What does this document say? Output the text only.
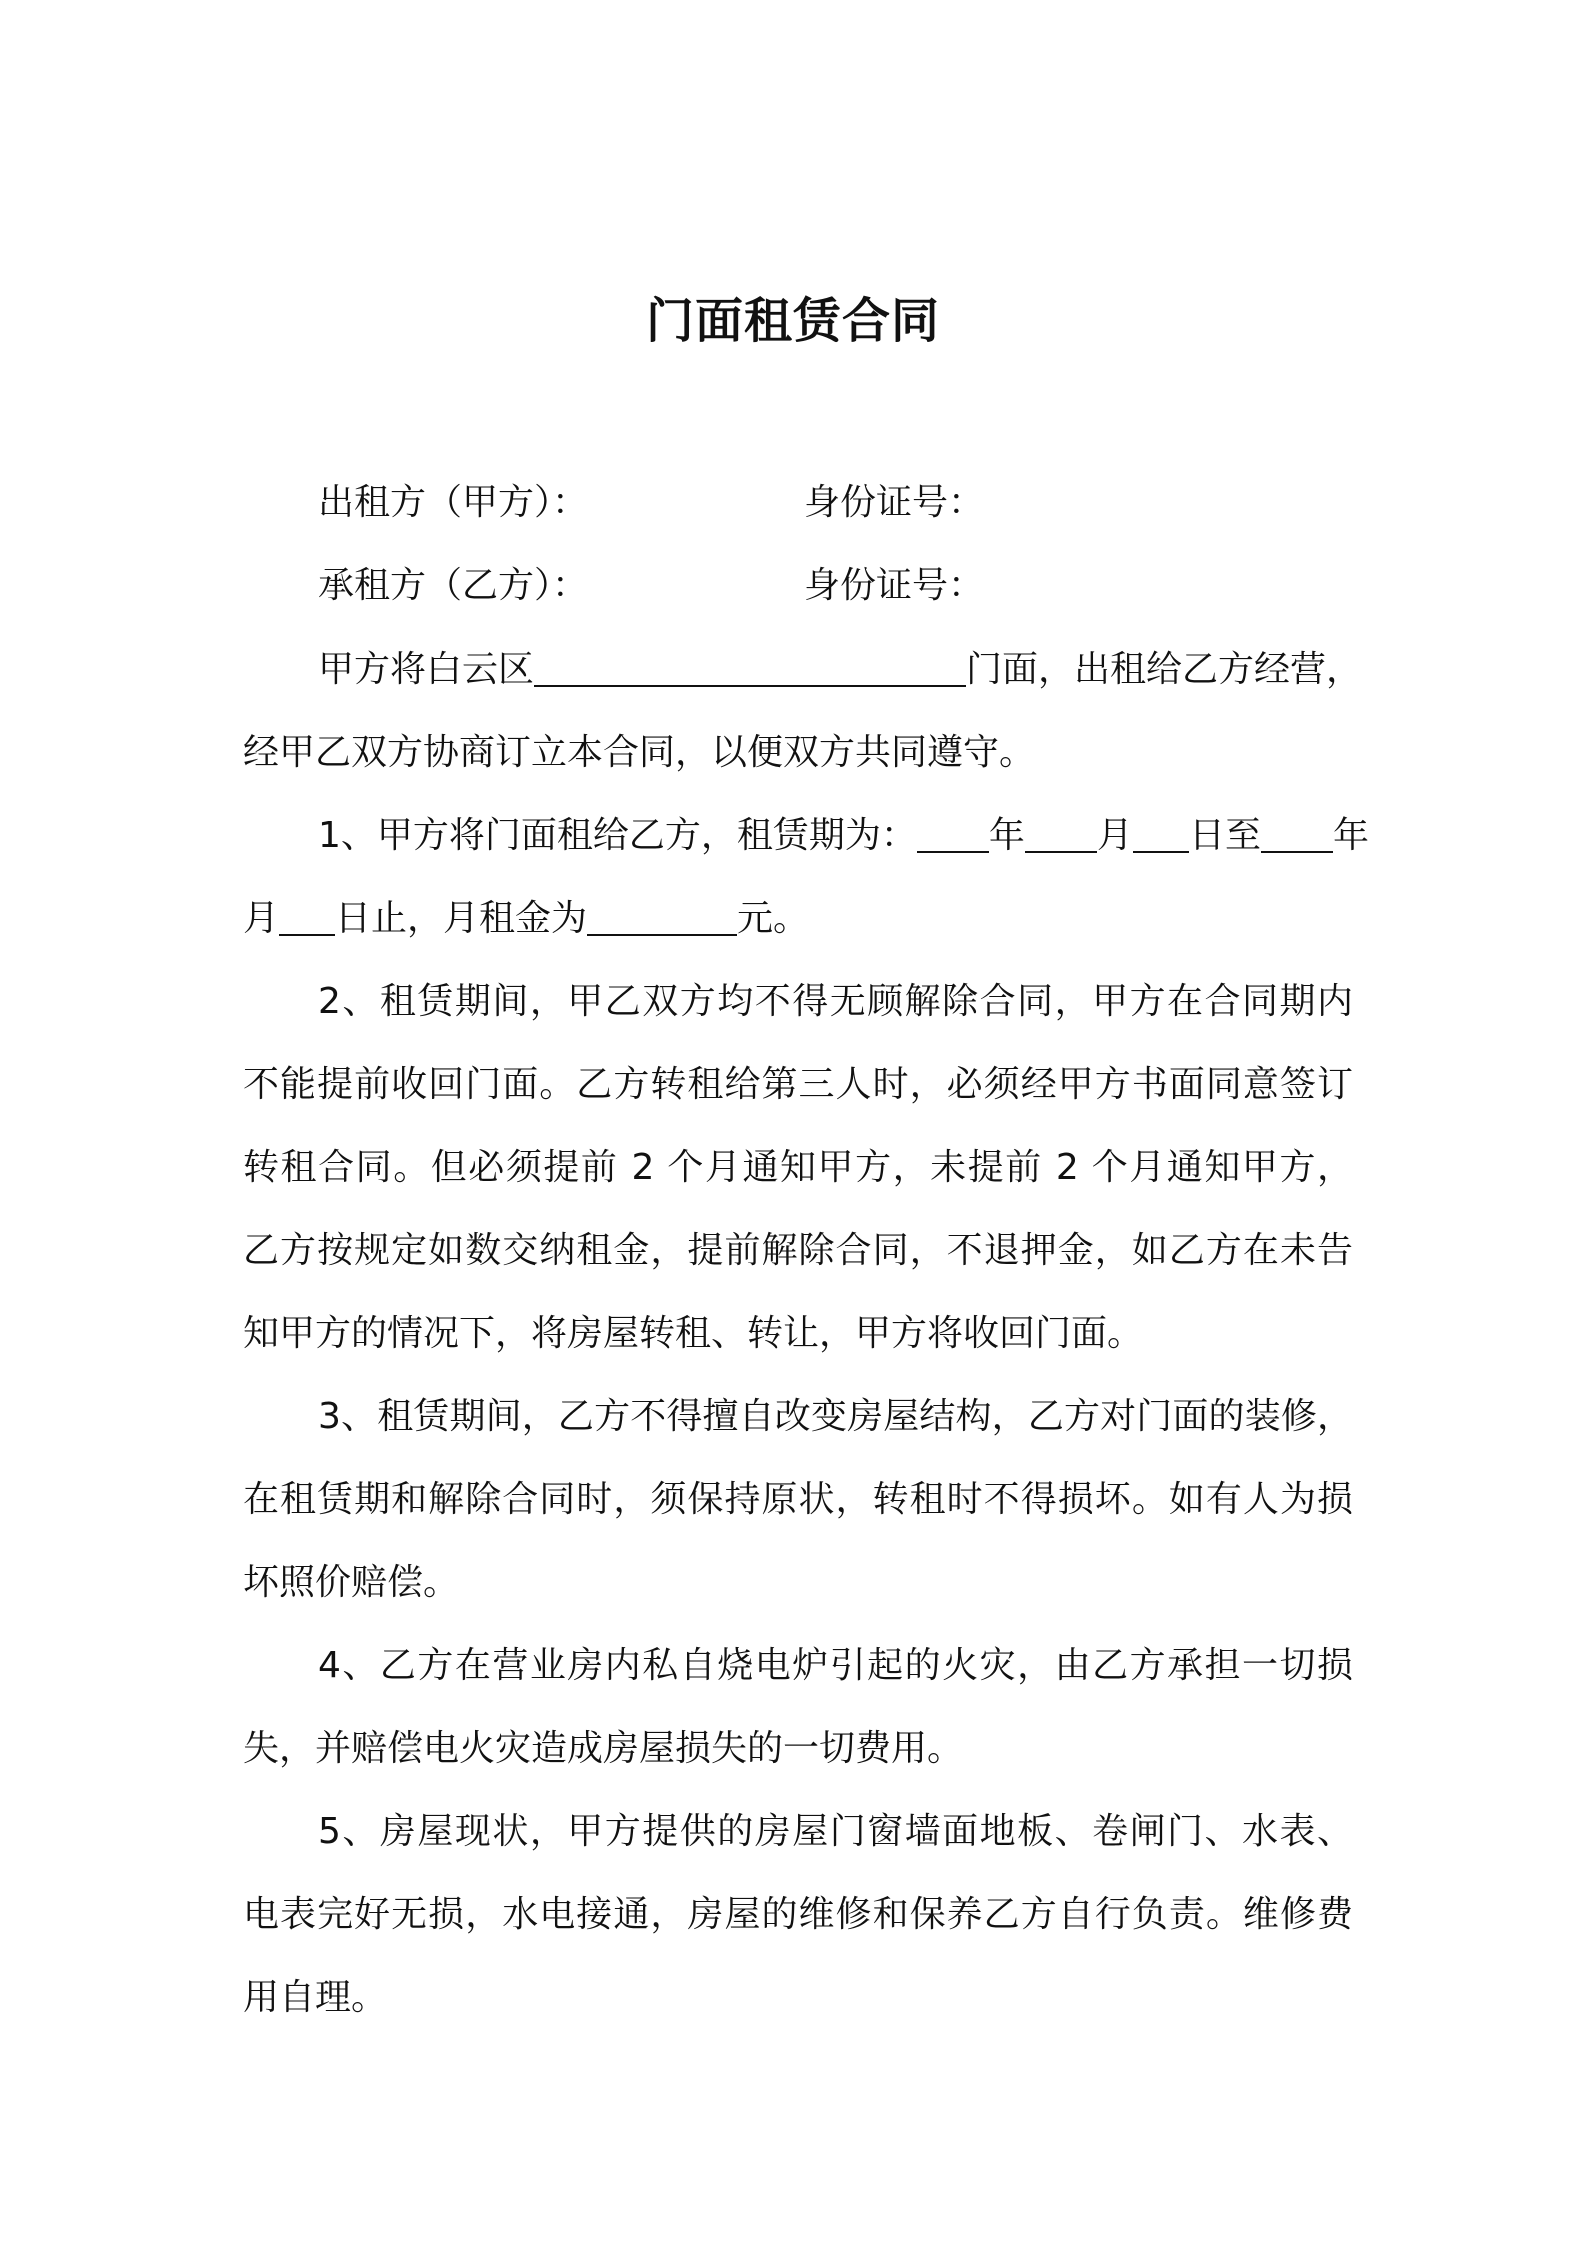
门面租赁合同
出租方（甲方）：	身份证号：
承租方（乙方）：	身份证号：
甲方将白云区	门面，出租给乙方经营，
经甲乙双方协商订立本合同，以便双方共同遵守。
1、甲方将门面租给乙方，租赁期为： 年 月 日至 年
月 日止，月租金为	元。
2、租赁期间，甲乙双方均不得无顾解除合同，甲方在合同期内
不能提前收回门面。乙方转租给第三人时，必须经甲方书面同意签订
转租合同。但必须提前 2 个月通知甲方，未提前 2 个月通知甲方，
乙方按规定如数交纳租金，提前解除合同，不退押金，如乙方在未告
知甲方的情况下，将房屋转租、转让，甲方将收回门面。
3、租赁期间，乙方不得擅自改变房屋结构，乙方对门面的装修，
在租赁期和解除合同时，须保持原状，转租时不得损坏。如有人为损
坏照价赔偿。
4、乙方在营业房内私自烧电炉引起的火灾，由乙方承担一切损
失，并赔偿电火灾造成房屋损失的一切费用。
5、房屋现状，甲方提供的房屋门窗墙面地板、卷闸门、水表、
电表完好无损，水电接通，房屋的维修和保养乙方自行负责。维修费
用自理。
